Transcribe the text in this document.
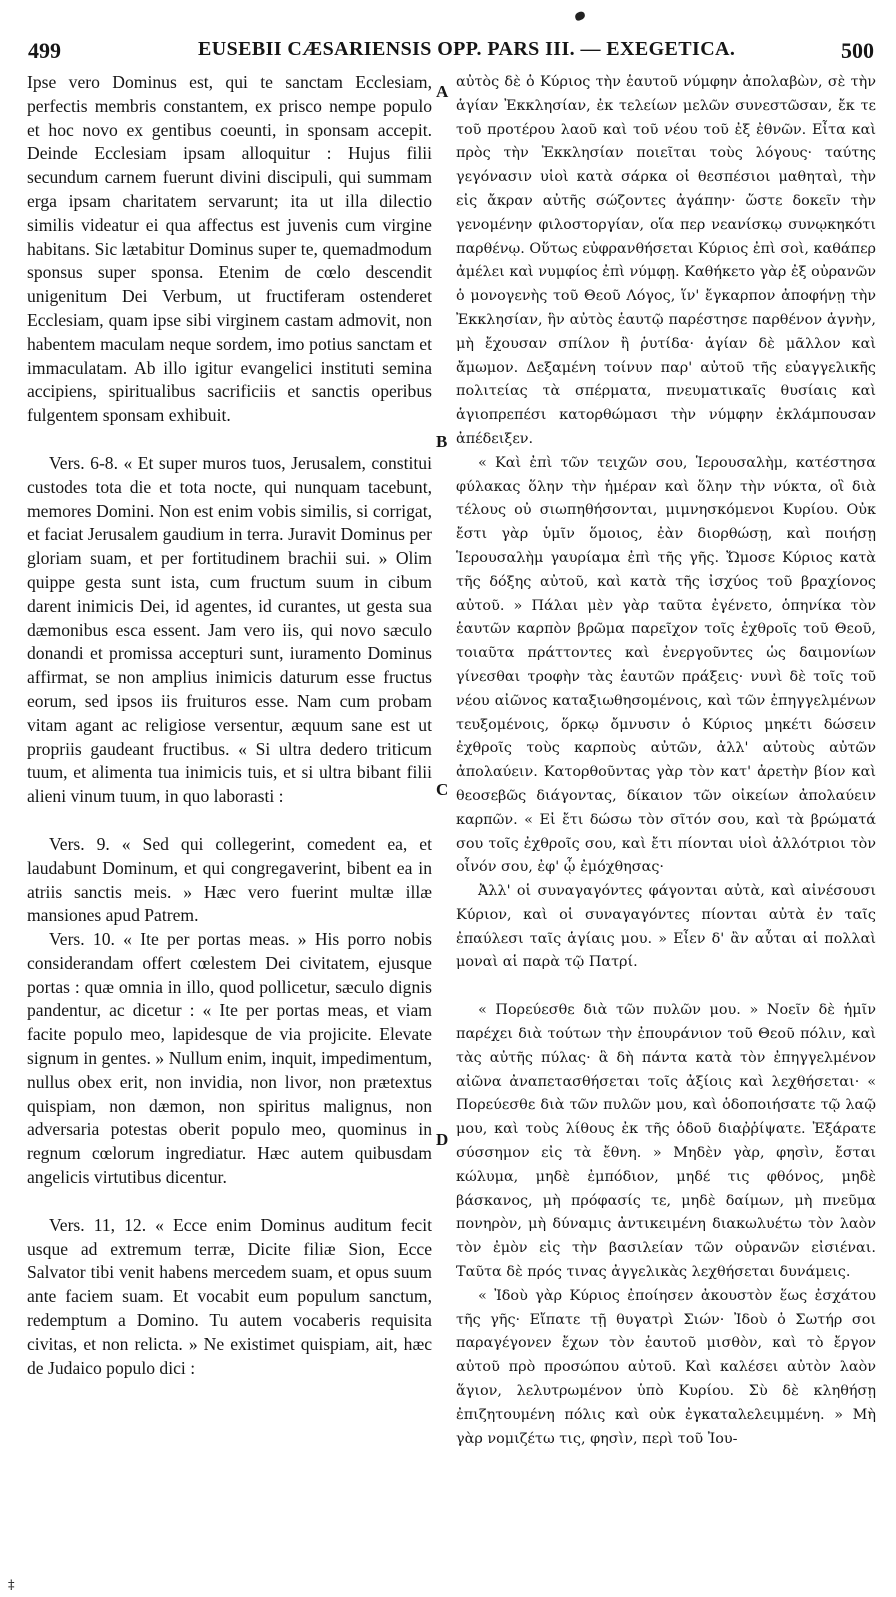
499	EUSEBII CÆSARIENSIS OPP. PARS III. — EXEGETICA.	500

Ipse vero Dominus est, qui te sanctam Ecclesiam, perfectis membris constantem, ex prisco nempe populo et hoc novo ex gentibus coeunti, in sponsam accepit. Deinde Ecclesiam ipsam alloquitur : Hujus filii secundum carnem fuerunt divini discipuli, qui summam erga ipsam charitatem servarunt; ita ut illa dilectio similis videatur ei qua affectus est juvenis cum virgine habitans. Sic lætabitur Dominus super te, quemadmodum sponsus super sponsa. Etenim de cœlo descendit unigenitum Dei Verbum, ut fructiferam ostenderet Ecclesiam, quam ipse sibi virginem castam admovit, non habentem maculam neque sordem, imo potius sanctam et immaculatam. Ab illo igitur evangelici instituti semina accipiens, spiritualibus sacrificiis et sanctis operibus fulgentem sponsam exhibuit.

Vers. 6-8. « Et super muros tuos, Jerusalem, constitui custodes tota die et tota nocte, qui nunquam tacebunt, memores Domini. Non est enim vobis similis, si corrigat, et faciat Jerusalem gaudium in terra. Juravit Dominus per gloriam suam, et per fortitudinem brachii sui. » Olim quippe gesta sunt ista, cum fructum suum in cibum darent inimicis Dei, id agentes, id curantes, ut gesta sua dæmonibus esca essent. Jam vero iis, qui novo sæculo donandi et promissa accepturi sunt, iuramento Dominus affirmat, se non amplius inimicis daturum esse fructus eorum, sed ipsos iis fruituros esse. Nam cum probam vitam agant ac religiose versentur, æquum sane est ut propriis gaudeant fructibus. « Si ultra dedero triticum tuum, et alimenta tua inimicis tuis, et si ultra bibant filii alieni vinum tuum, in quo laborasti :

Vers. 9. « Sed qui collegerint, comedent ea, et laudabunt Dominum, et qui congregaverint, bibent ea in atriis sanctis meis. » Hæc vero fuerint multæ illæ mansiones apud Patrem.

Vers. 10. « Ite per portas meas. » His porro nobis considerandam offert cœlestem Dei civitatem, ejusque portas : quæ omnia in illo, quod pollicetur, sæculo dignis pandentur, ac dicetur : « Ite per portas meas, et viam facite populo meo, lapidesque de via projicite. Elevate signum in gentes. » Nullum enim, inquit, impedimentum, nullus obex erit, non invidia, non livor, non prætextus quispiam, non dæmon, non spiritus malignus, non adversaria potestas oberit populo meo, quominus in regnum cœlorum ingrediatur. Hæc autem quibusdam angelicis virtutibus dicentur.

Vers. 11, 12. « Ecce enim Dominus auditum fecit usque ad extremum terræ, Dicite filiæ Sion, Ecce Salvator tibi venit habens mercedem suam, et opus suum ante faciem suam. Et vocabit eum populum sanctum, redemptum a Domino. Tu autem vocaberis requisita civitas, et non relicta. » Ne existimet quispiam, ait, hæc de Judaico populo dici :

αὐτὸς δὲ ὁ Κύριος τὴν ἑαυτοῦ νύμφην ἀπολαβὼν, σὲ τὴν ἁγίαν Ἐκκλησίαν, ἐκ τελείων μελῶν συνεστῶσαν, ἔκ τε τοῦ προτέρου λαοῦ καὶ τοῦ νέου τοῦ ἐξ ἐθνῶν. Εἶτα καὶ πρὸς τὴν Ἐκκλησίαν ποιεῖται τοὺς λόγους· ταύτης γεγόνασιν υἱοὶ κατὰ σάρκα οἱ θεσπέσιοι μαθηταὶ, τὴν εἰς ἄκραν αὐτῆς σώζοντες ἀγάπην· ὥστε δοκεῖν τὴν γενομένην φιλοστοργίαν, οἵα περ νεανίσκῳ συνῳκηκότι παρθένῳ. Οὕτως εὐφρανθήσεται Κύριος ἐπὶ σοὶ, καθάπερ ἀμέλει καὶ νυμφίος ἐπὶ νύμφῃ. Καθήκετο γὰρ ἐξ οὐρανῶν ὁ μονογενὴς τοῦ Θεοῦ Λόγος, ἵν' ἔγκαρπον ἀποφήνῃ τὴν Ἐκκλησίαν, ἣν αὐτὸς ἑαυτῷ παρέστησε παρθένον ἁγνὴν, μὴ ἔχουσαν σπίλον ἢ ῥυτίδα· ἁγίαν δὲ μᾶλλον καὶ ἄμωμον. Δεξαμένη τοίνυν παρ' αὐτοῦ τῆς εὐαγγελικῆς πολιτείας τὰ σπέρματα, πνευματικαῖς θυσίαις καὶ ἁγιοπρεπέσι κατορθώμασι τὴν νύμφην ἐκλάμπουσαν ἀπέδειξεν.

« Καὶ ἐπὶ τῶν τειχῶν σου, Ἱερουσαλὴμ, κατέστησα φύλακας ὅλην τὴν ἡμέραν καὶ ὅλην τὴν νύκτα, οἳ διὰ τέλους οὐ σιωπηθήσονται, μιμνησκόμενοι Κυρίου. Οὐκ ἔστι γὰρ ὑμῖν ὅμοιος, ἐὰν διορθώσῃ, καὶ ποιήσῃ Ἱερουσαλὴμ γαυρίαμα ἐπὶ τῆς γῆς. Ὤμοσε Κύριος κατὰ τῆς δόξης αὐτοῦ, καὶ κατὰ τῆς ἰσχύος τοῦ βραχίονος αὐτοῦ. » Πάλαι μὲν γὰρ ταῦτα ἐγένετο, ὁπηνίκα τὸν ἑαυτῶν καρπὸν βρῶμα παρεῖχον τοῖς ἐχθροῖς τοῦ Θεοῦ, τοιαῦτα πράττοντες καὶ ἐνεργοῦντες ὡς δαιμονίων γίνεσθαι τροφὴν τὰς ἑαυτῶν πράξεις· νυνὶ δὲ τοῖς τοῦ νέου αἰῶνος καταξιωθησομένοις, καὶ τῶν ἐπηγγελμένων τευξομένοις, ὅρκῳ ὄμνυσιν ὁ Κύριος μηκέτι δώσειν ἐχθροῖς τοὺς καρποὺς αὐτῶν, ἀλλ' αὐτοὺς αὐτῶν ἀπολαύειν. Κατορθοῦντας γὰρ τὸν κατ' ἀρετὴν βίον καὶ θεοσεβῶς διάγοντας, δίκαιον τῶν οἰκείων ἀπολαύειν καρπῶν. « Εἰ ἔτι δώσω τὸν σῖτόν σου, καὶ τὰ βρώματά σου τοῖς ἐχθροῖς σου, καὶ ἔτι πίονται υἱοὶ ἀλλότριοι τὸν οἶνόν σου, ἐφ' ᾧ ἐμόχθησας·

Ἀλλ' οἱ συναγαγόντες φάγονται αὐτὰ, καὶ αἰνέσουσι Κύριον, καὶ οἱ συναγαγόντες πίονται αὐτὰ ἐν ταῖς ἐπαύλεσι ταῖς ἁγίαις μου. » Εἶεν δ' ἂν αὗται αἱ πολλαὶ μοναὶ αἱ παρὰ τῷ Πατρί.

« Πορεύεσθε διὰ τῶν πυλῶν μου. » Νοεῖν δὲ ἡμῖν παρέχει διὰ τούτων τὴν ἐπουράνιον τοῦ Θεοῦ πόλιν, καὶ τὰς αὐτῆς πύλας· ἃ δὴ πάντα κατὰ τὸν ἐπηγγελμένον αἰῶνα ἀναπετασθήσεται τοῖς ἀξίοις καὶ λεχθήσεται· « Πορεύεσθε διὰ τῶν πυλῶν μου, καὶ ὁδοποιήσατε τῷ λαῷ μου, καὶ τοὺς λίθους ἐκ τῆς ὁδοῦ διαῤῥίψατε. Ἐξάρατε σύσσημον εἰς τὰ ἔθνη. » Μηδὲν γὰρ, φησὶν, ἔσται κώλυμα, μηδὲ ἐμπόδιον, μηδέ τις φθόνος, μηδὲ βάσκανος, μὴ πρόφασίς τε, μηδὲ δαίμων, μὴ πνεῦμα πονηρὸν, μὴ δύναμις ἀντικειμένη διακωλυέτω τὸν λαὸν τὸν ἐμὸν εἰς τὴν βασιλείαν τῶν οὐρανῶν εἰσιέναι. Ταῦτα δὲ πρός τινας ἀγγελικὰς λεχθήσεται δυνάμεις.

« Ἰδοὺ γὰρ Κύριος ἐποίησεν ἀκουστὸν ἕως ἐσχάτου τῆς γῆς· Εἴπατε τῇ θυγατρὶ Σιών· Ἰδοὺ ὁ Σωτήρ σοι παραγέγονεν ἔχων τὸν ἑαυτοῦ μισθὸν, καὶ τὸ ἔργον αὐτοῦ πρὸ προσώπου αὐτοῦ. Καὶ καλέσει αὐτὸν λαὸν ἅγιον, λελυτρωμένον ὑπὸ Κυρίου. Σὺ δὲ κληθήσῃ ἐπιζητουμένη πόλις καὶ οὐκ ἐγκαταλελειμμένη. » Μὴ γὰρ νομιζέτω τις, φησὶν, περὶ τοῦ Ἰου-

A
B
C
D
‡
